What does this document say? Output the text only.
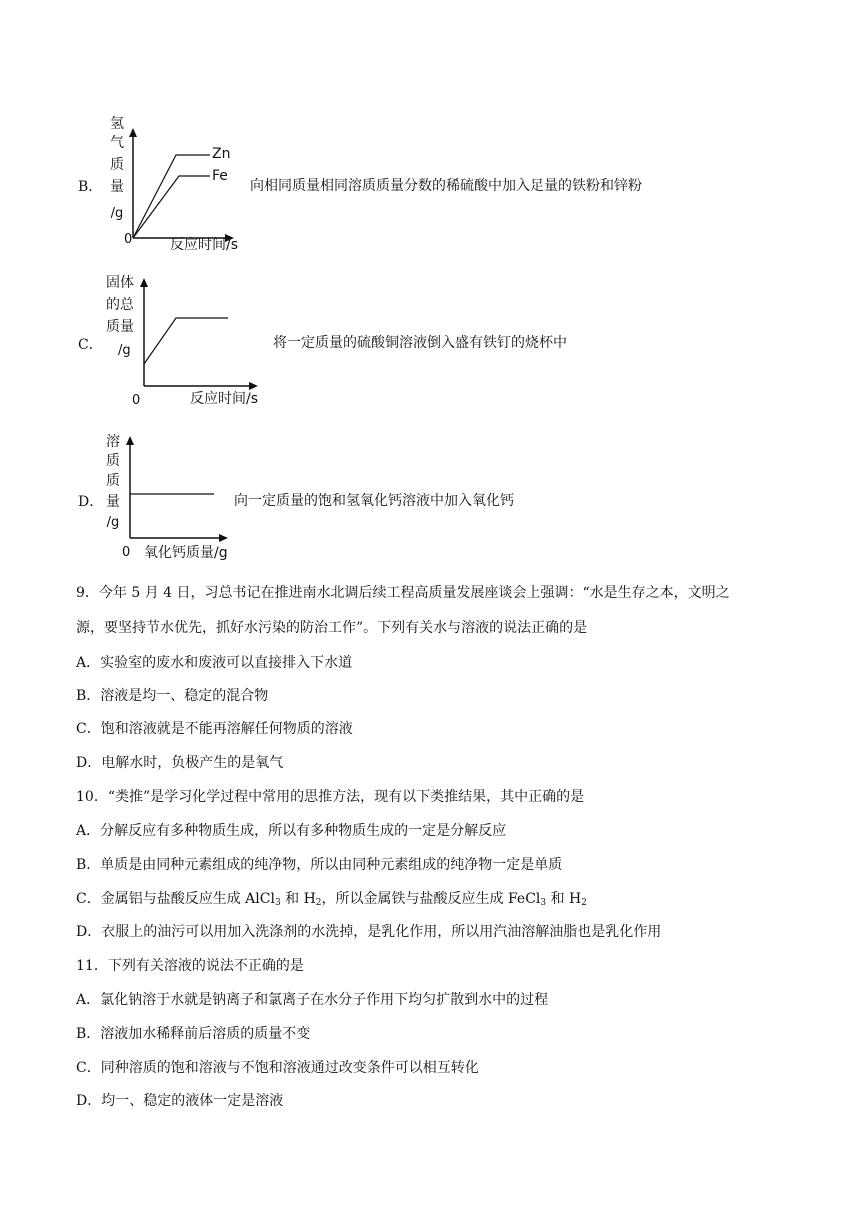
B．
氢
气
质
量
/g
Zn
Fe
0	反应时间/s
向相同质量相同溶质质量分数的稀硫酸中加入足量的铁粉和锌粉
C．
固体
的总
质量
/g
0	反应时间/s
将一定质量的硫酸铜溶液倒入盛有铁钉的烧杯中
D．
溶
质
质
量
/g
0 氧化钙质量/g
向一定质量的饱和氢氧化钙溶液中加入氧化钙
9．今年 5 月 4 日，习总书记在推进南水北调后续工程高质量发展座谈会上强调：“水是生存之本，文明之
源，要坚持节水优先，抓好水污染的防治工作”。下列有关水与溶液的说法正确的是
A．实验室的废水和废液可以直接排入下水道
B．溶液是均一、稳定的混合物
C．饱和溶液就是不能再溶解任何物质的溶液
D．电解水时，负极产生的是氧气
10．“类推”是学习化学过程中常用的思推方法，现有以下类推结果，其中正确的是
A．分解反应有多种物质生成，所以有多种物质生成的一定是分解反应
B．单质是由同种元素组成的纯净物，所以由同种元素组成的纯净物一定是单质
C．金属铝与盐酸反应生成 AlCl$_3$ 和 $H_2$，所以金属铁与盐酸反应生成 FeCl$_3$ 和 $H_2$
D．衣服上的油污可以用加入洗涤剂的水洗掉，是乳化作用，所以用汽油溶解油脂也是乳化作用
11．下列有关溶液的说法不正确的是
A．氯化钠溶于水就是钠离子和氯离子在水分子作用下均匀扩散到水中的过程
B．溶液加水稀释前后溶质的质量不变
C．同种溶质的饱和溶液与不饱和溶液通过改变条件可以相互转化
D．均一、稳定的液体一定是溶液
